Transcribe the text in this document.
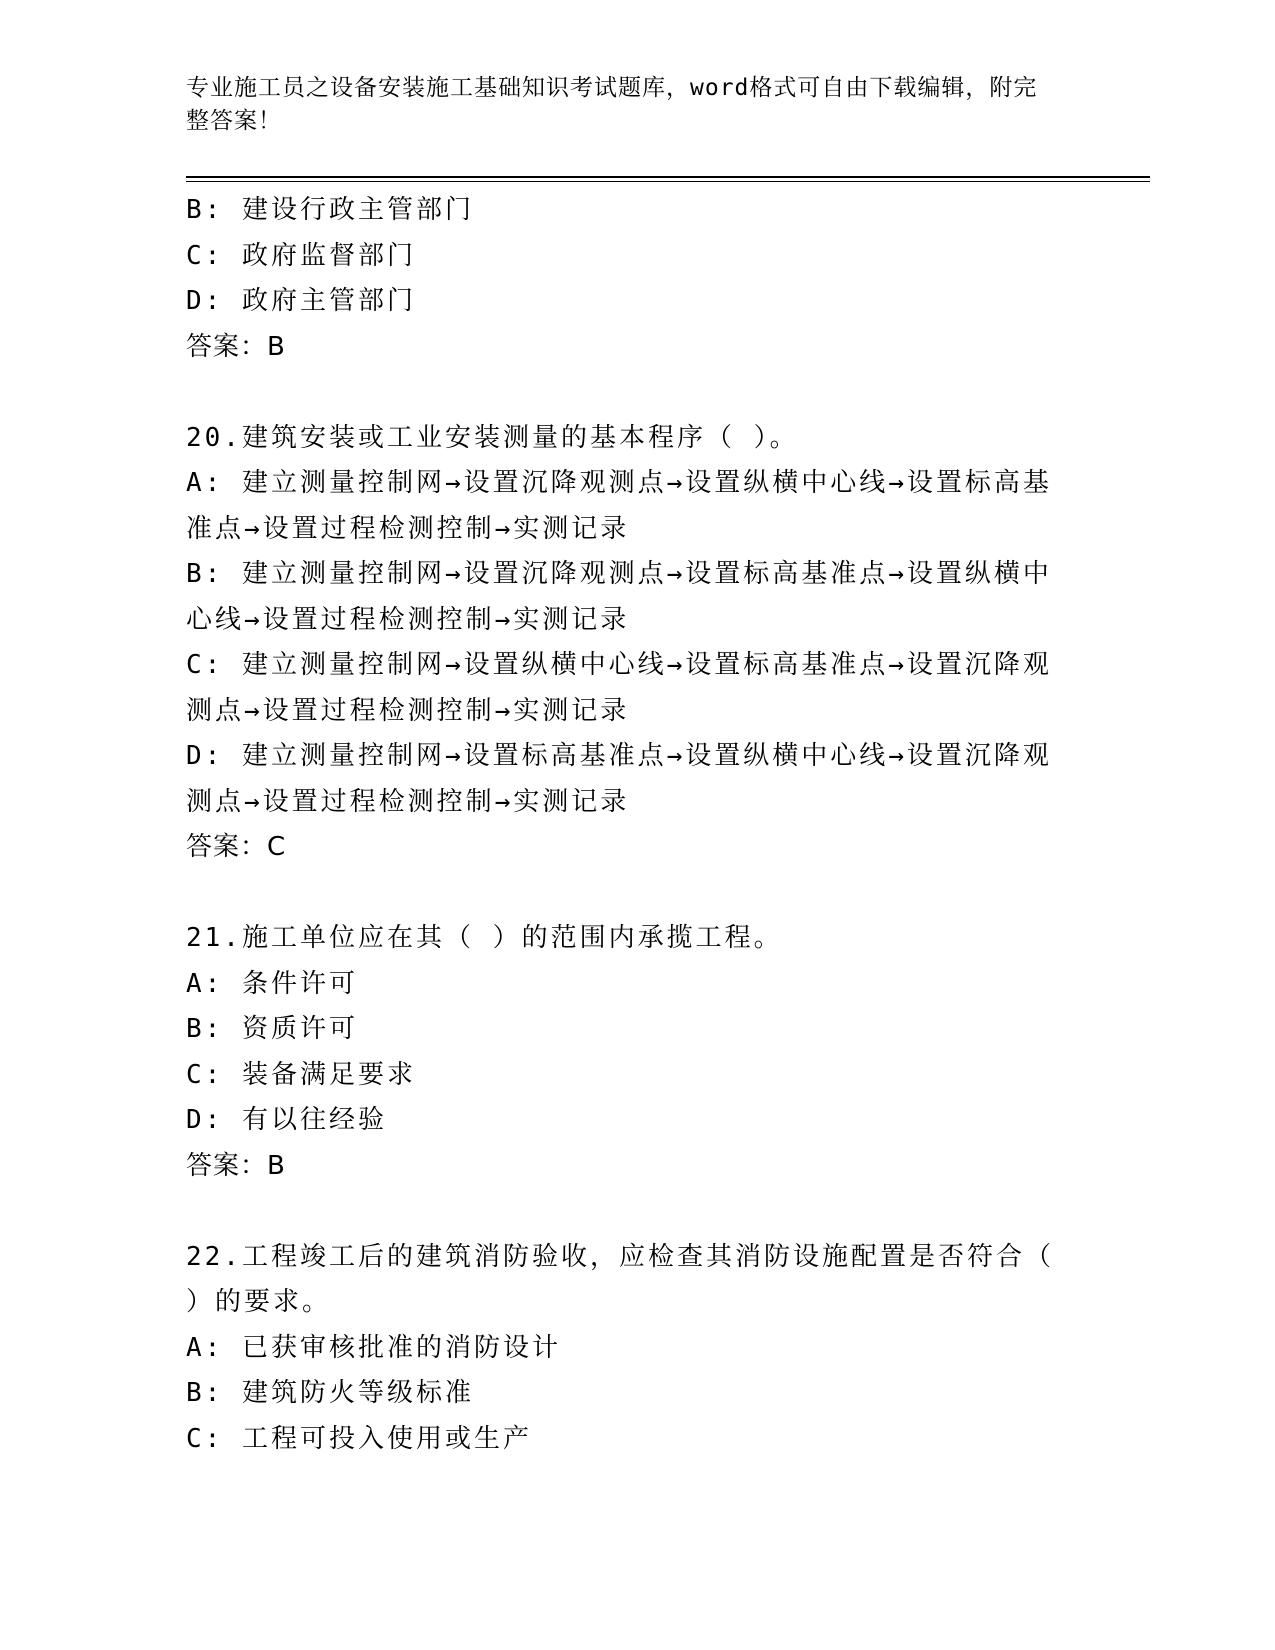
专业施工员之设备安装施工基础知识考试题库，word格式可自由下载编辑，附完
整答案！
B: 建设行政主管部门
C: 政府监督部门
D: 政府主管部门
答案：B
20.建筑安装或工业安装测量的基本程序（ ）。
A: 建立测量控制网→设置沉降观测点→设置纵横中心线→设置标高基
准点→设置过程检测控制→实测记录
B: 建立测量控制网→设置沉降观测点→设置标高基准点→设置纵横中
心线→设置过程检测控制→实测记录
C: 建立测量控制网→设置纵横中心线→设置标高基准点→设置沉降观
测点→设置过程检测控制→实测记录
D: 建立测量控制网→设置标高基准点→设置纵横中心线→设置沉降观
测点→设置过程检测控制→实测记录
答案：C
21.施工单位应在其（ ）的范围内承揽工程。
A: 条件许可
B: 资质许可
C: 装备满足要求
D: 有以往经验
答案：B
22.工程竣工后的建筑消防验收，应检查其消防设施配置是否符合（
）的要求。
A: 已获审核批准的消防设计
B: 建筑防火等级标准
C: 工程可投入使用或生产
